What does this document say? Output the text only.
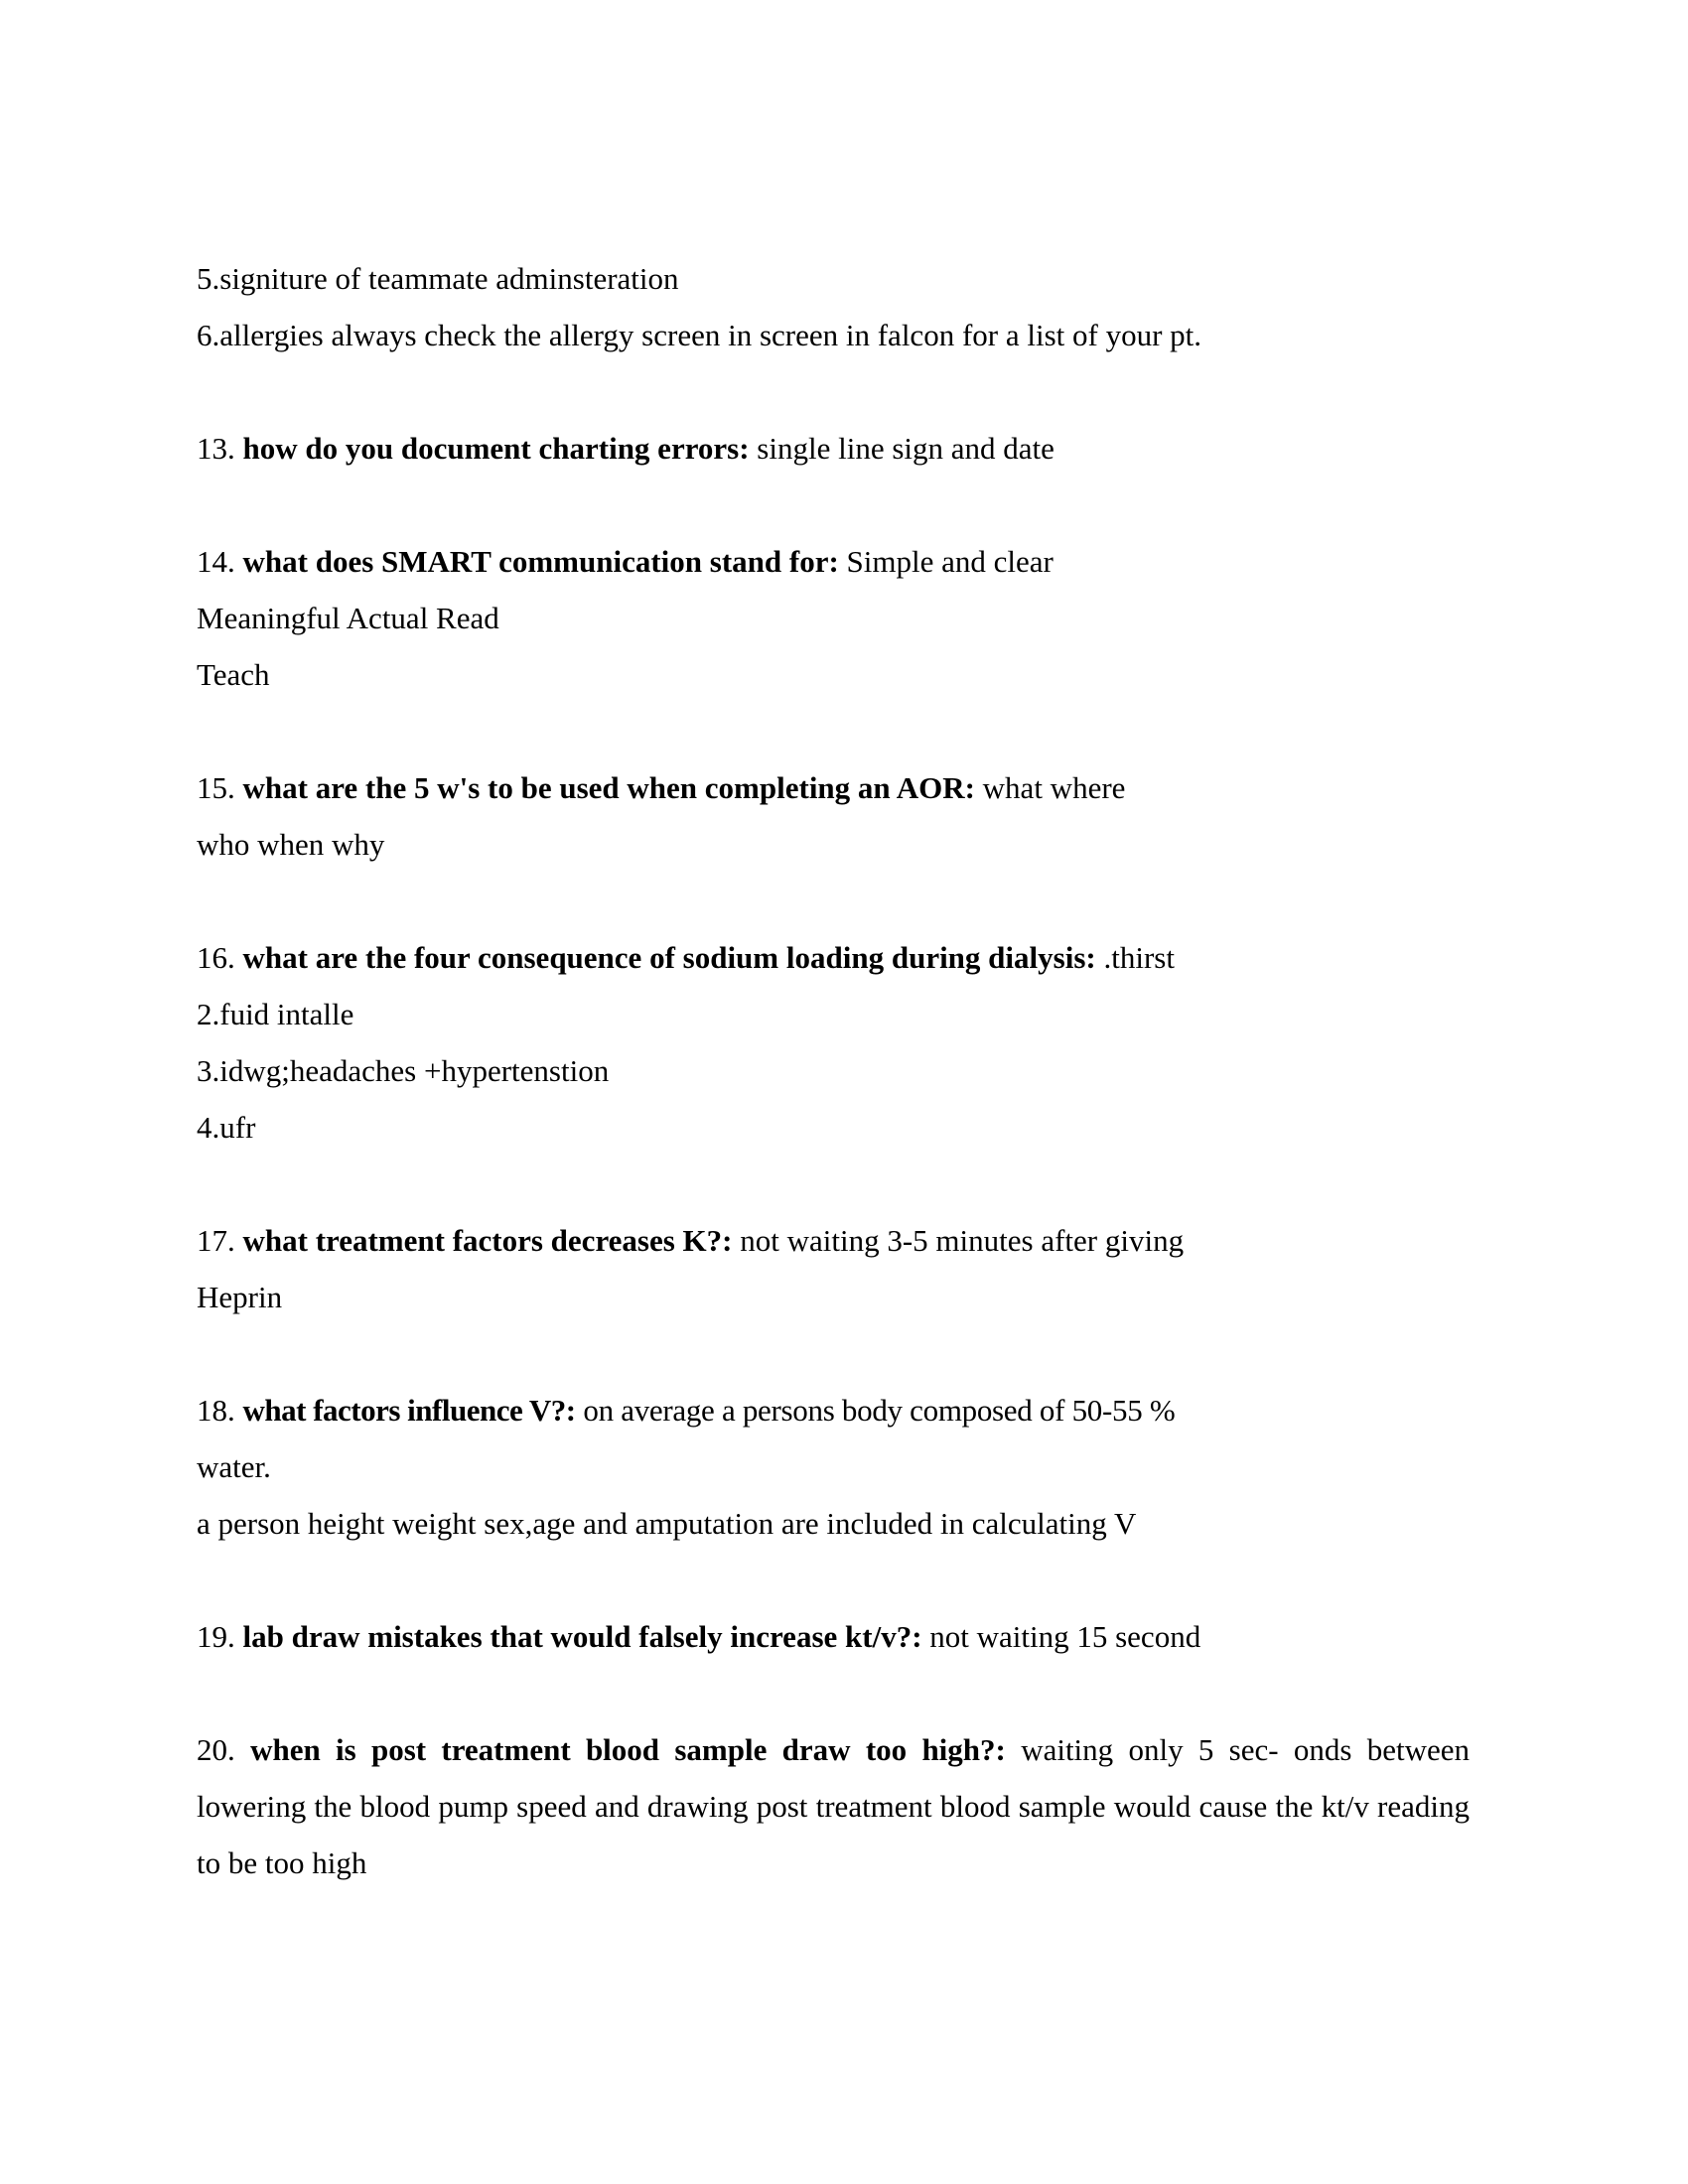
5.signiture of teammate adminsteration
6.allergies always check the allergy screen in screen in falcon for a list of your pt.
13. how do you document charting errors: single line sign and date
14. what does SMART communication stand for: Simple and clear
Meaningful Actual Read
Teach
15. what are the 5 w's to be used when completing an AOR: what where
who when why
16. what are the four consequence of sodium loading during dialysis: .thirst
2.fuid intalle
3.idwg;headaches +hypertenstion
4.ufr
17. what treatment factors decreases K?: not waiting 3-5 minutes after giving
Heprin
18. what factors influence V?: on average a persons body composed of 50-55 %
water.
a person height weight sex,age and amputation are included in calculating V
19. lab draw mistakes that would falsely increase kt/v?: not waiting 15 second
20. when is post treatment blood sample draw too high?: waiting only 5 sec- onds between lowering the blood pump speed and drawing post treatment blood sample would cause the kt/v reading to be too high
